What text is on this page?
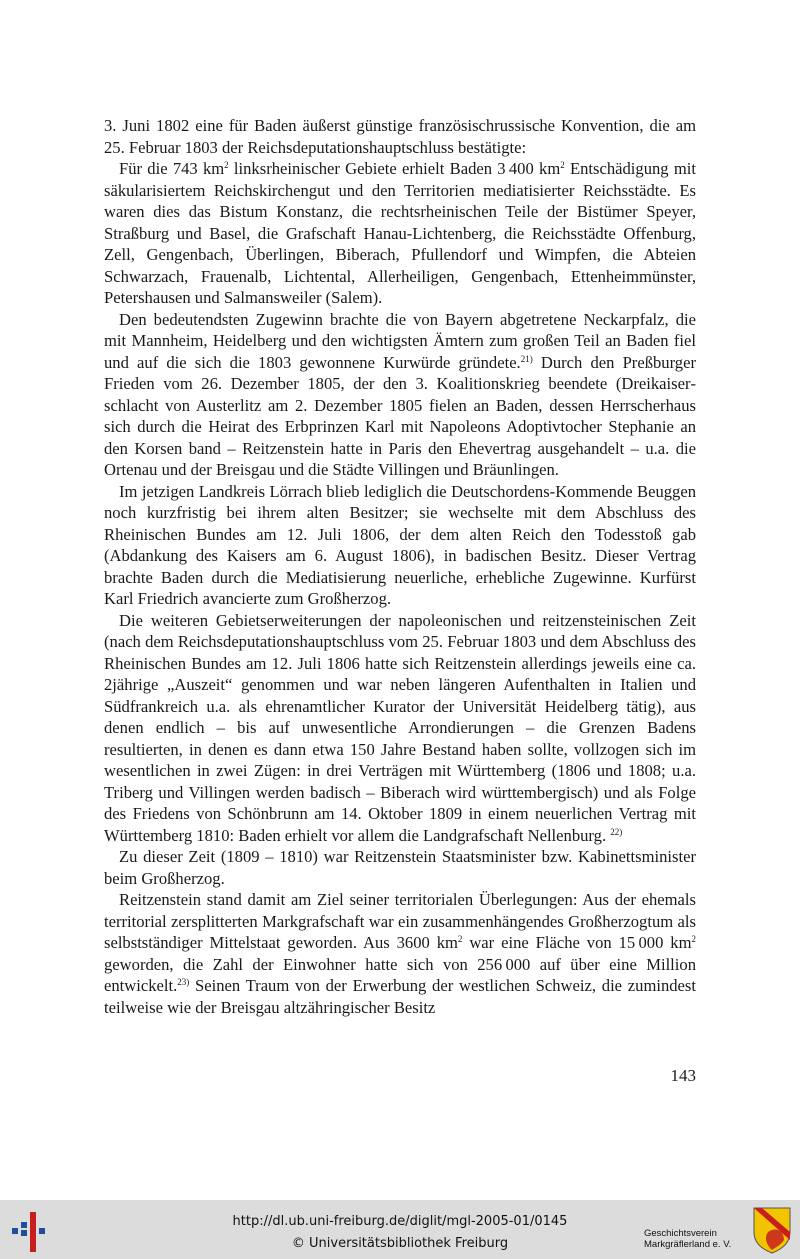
3. Juni 1802 eine für Baden äußerst günstige französischrussische Konvention, die am 25. Februar 1803 der Reichsdeputationshauptschluss bestätigte:

Für die 743 $km^2$ linksrheinischer Gebiete erhielt Baden 3 400 $km^2$ Entschädigung mit säkularisiertem Reichskirchengut und den Territorien mediatisierter Reichsstädte. Es waren dies das Bistum Konstanz, die rechtsrheinischen Teile der Bistümer Speyer, Straßburg und Basel, die Grafschaft Hanau-Lichtenberg, die Reichsstädte Offenburg, Zell, Gengenbach, Überlingen, Biberach, Pfullendorf und Wimpfen, die Abteien Schwarzach, Frauenalb, Lichtental, Allerheiligen, Gengenbach, Ettenheimmünster, Petershausen und Salmansweiler (Salem).

Den bedeutendsten Zugewinn brachte die von Bayern abgetretene Neckarpfalz, die mit Mannheim, Heidelberg und den wichtigsten Ämtern zum großen Teil an Baden fiel und auf die sich die 1803 gewonnene Kurwürde gründete.$^{21)}$ Durch den Preßburger Frieden vom 26. Dezember 1805, der den 3. Koalitionskrieg beendete (Dreikaiserschlacht von Austerlitz am 2. Dezember 1805 fielen an Baden, dessen Herrscherhaus sich durch die Heirat des Erbprinzen Karl mit Napoleons Adoptivtocher Stephanie an den Korsen band – Reitzenstein hatte in Paris den Ehevertrag ausgehandelt – u.a. die Ortenau und der Breisgau und die Städte Villingen und Bräunlingen.

Im jetzigen Landkreis Lörrach blieb lediglich die Deutschordens-Kommende Beuggen noch kurzfristig bei ihrem alten Besitzer; sie wechselte mit dem Abschluss des Rheinischen Bundes am 12. Juli 1806, der dem alten Reich den Todesstoß gab (Abdankung des Kaisers am 6. August 1806), in badischen Besitz. Dieser Vertrag brachte Baden durch die Mediatisierung neuerliche, erhebliche Zugewinne. Kurfürst Karl Friedrich avancierte zum Großherzog.

Die weiteren Gebietserweiterungen der napoleonischen und reitzensteinischen Zeit (nach dem Reichsdeputationshauptschluss vom 25. Februar 1803 und dem Abschluss des Rheinischen Bundes am 12. Juli 1806 hatte sich Reitzenstein allerdings jeweils eine ca. 2jährige „Auszeit“ genommen und war neben längeren Aufenthalten in Italien und Südfrankreich u.a. als ehrenamtlicher Kurator der Universität Heidelberg tätig), aus denen endlich – bis auf unwesentliche Arrondierungen – die Grenzen Badens resultierten, in denen es dann etwa 150 Jahre Bestand haben sollte, vollzogen sich im wesentlichen in zwei Zügen: in drei Verträgen mit Württemberg (1806 und 1808; u.a. Triberg und Villingen werden badisch – Biberach wird württembergisch) und als Folge des Friedens von Schönbrunn am 14. Oktober 1809 in einem neuerlichen Vertrag mit Württemberg 1810: Baden erhielt vor allem die Landgrafschaft Nellenburg. $^{22)}$

Zu dieser Zeit (1809 – 1810) war Reitzenstein Staatsminister bzw. Kabinettsminister beim Großherzog.

Reitzenstein stand damit am Ziel seiner territorialen Überlegungen: Aus der ehemals territorial zersplitterten Markgrafschaft war ein zusammenhängendes Großherzogtum als selbstständiger Mittelstaat geworden. Aus 3600 $km^2$ war eine Fläche von 15 000 $km^2$ geworden, die Zahl der Einwohner hatte sich von 256 000 auf über eine Million entwickelt.$^{23)}$ Seinen Traum von der Erwerbung der westlichen Schweiz, die zumindest teilweise wie der Breisgau altzähringischer Besitz

143
http://dl.ub.uni-freiburg.de/diglit/mgl-2005-01/0145
© Universitätsbibliothek Freiburg
Geschichtsverein
Markgräflerland e. V.
